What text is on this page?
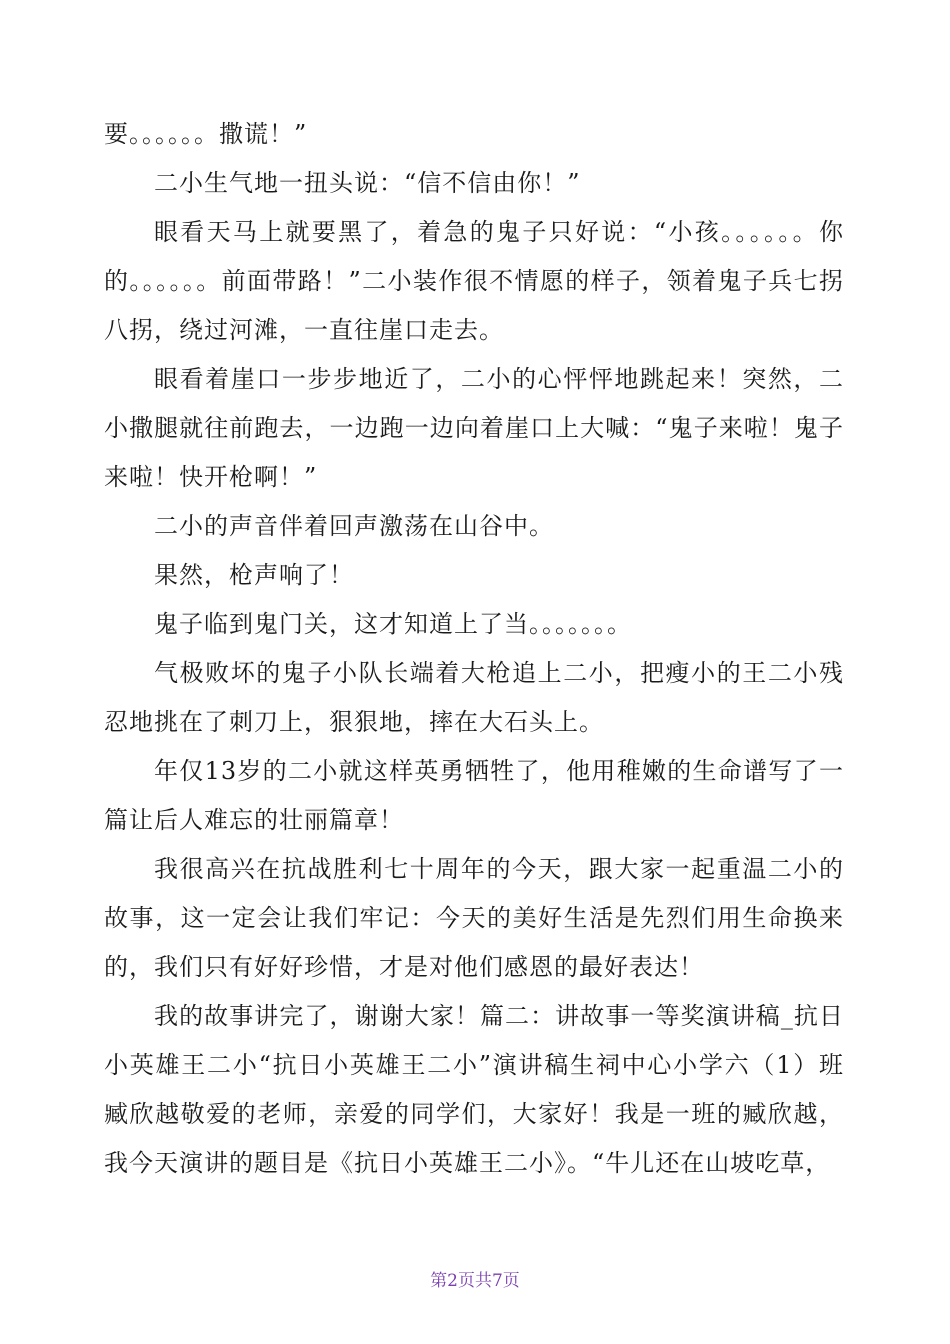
要。。。。。。撒谎！”

二小生气地一扭头说：“信不信由你！”

眼看天马上就要黑了，着急的鬼子只好说：“小孩。。。。。。你的。。。。。。前面带路！”二小装作很不情愿的样子，领着鬼子兵七拐八拐，绕过河滩，一直往崖口走去。

眼看着崖口一步步地近了，二小的心怦怦地跳起来！突然，二小撒腿就往前跑去，一边跑一边向着崖口上大喊：“鬼子来啦！鬼子来啦！快开枪啊！”

二小的声音伴着回声激荡在山谷中。

果然，枪声响了！

鬼子临到鬼门关，这才知道上了当。。。。。。。

气极败坏的鬼子小队长端着大枪追上二小，把瘦小的王二小残忍地挑在了刺刀上，狠狠地，摔在大石头上。

年仅13岁的二小就这样英勇牺牲了，他用稚嫩的生命谱写了一篇让后人难忘的壮丽篇章！

我很高兴在抗战胜利七十周年的今天，跟大家一起重温二小的故事，这一定会让我们牢记：今天的美好生活是先烈们用生命换来的，我们只有好好珍惜，才是对他们感恩的最好表达！

我的故事讲完了，谢谢大家！篇二：讲故事一等奖演讲稿_抗日小英雄王二小“抗日小英雄王二小”演讲稿生祠中心小学六（1）班臧欣越敬爱的老师，亲爱的同学们，大家好！我是一班的臧欣越，我今天演讲的题目是《抗日小英雄王二小》。“牛儿还在山坡吃草，

第2页共7页
